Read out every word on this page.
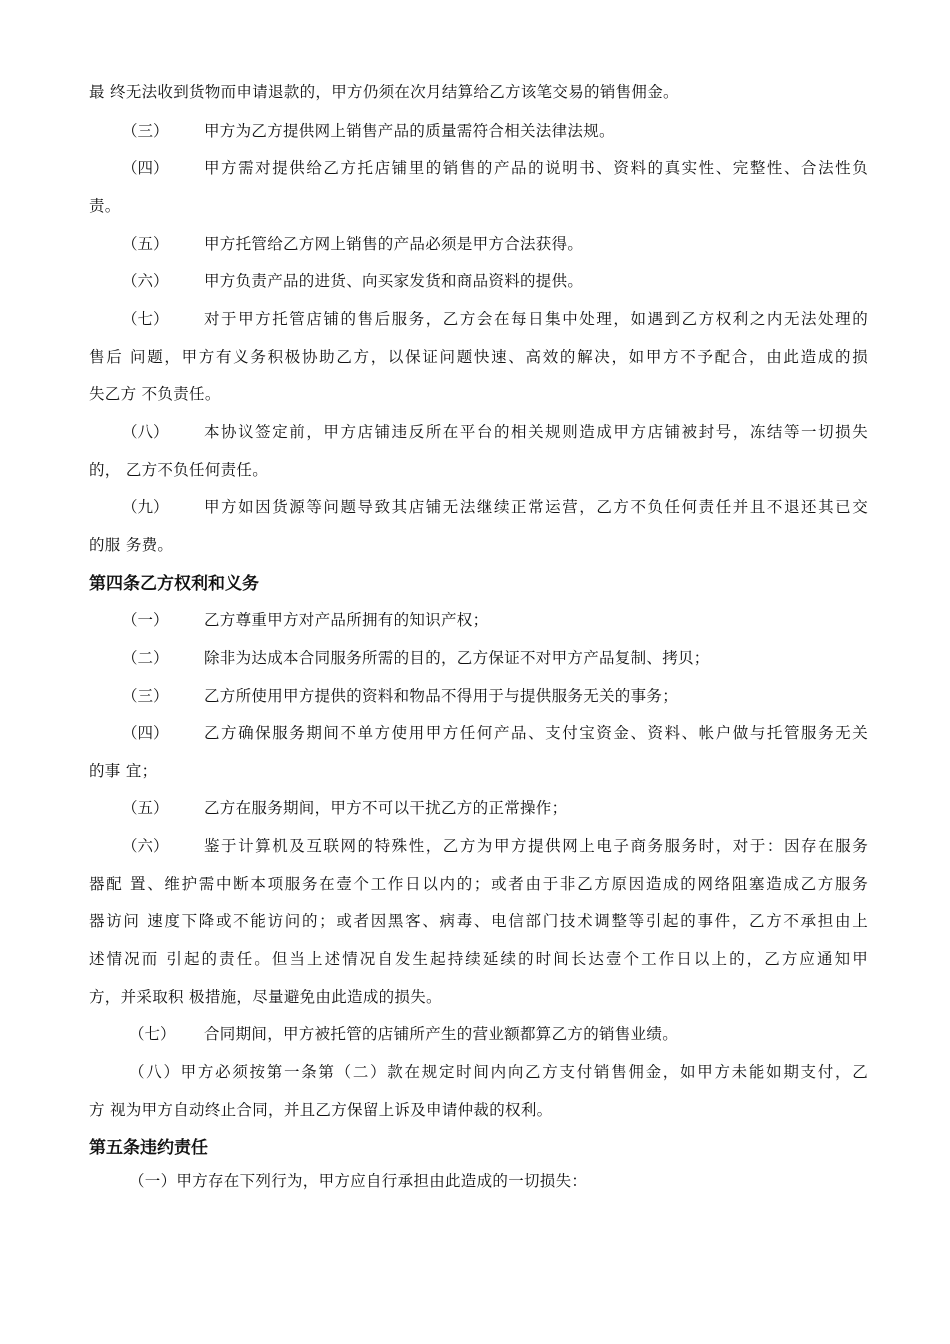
最 终无法收到货物而申请退款的，甲方仍须在次月结算给乙方该笔交易的销售佣金。
（三） 甲方为乙方提供网上销售产品的质量需符合相关法律法规。
（四） 甲方需对提供给乙方托店铺里的销售的产品的说明书、资料的真实性、完整性、合法性负
责。
（五） 甲方托管给乙方网上销售的产品必须是甲方合法获得。
（六） 甲方负责产品的进货、向买家发货和商品资料的提供。
（七） 对于甲方托管店铺的售后服务，乙方会在每日集中处理，如遇到乙方权利之内无法处理的
售后 问题，甲方有义务积极协助乙方，以保证问题快速、高效的解决，如甲方不予配合，由此造成的损
失乙方 不负责任。
（八） 本协议签定前，甲方店铺违反所在平台的相关规则造成甲方店铺被封号，冻结等一切损失
的， 乙方不负任何责任。
（九） 甲方如因货源等问题导致其店铺无法继续正常运营，乙方不负任何责任并且不退还其已交
的服 务费。
第四条乙方权利和义务
（一） 乙方尊重甲方对产品所拥有的知识产权；
（二） 除非为达成本合同服务所需的目的，乙方保证不对甲方产品复制、拷贝；
（三） 乙方所使用甲方提供的资料和物品不得用于与提供服务无关的事务；
（四） 乙方确保服务期间不单方使用甲方任何产品、支付宝资金、资料、帐户做与托管服务无关
的事 宜；
（五） 乙方在服务期间，甲方不可以干扰乙方的正常操作；
（六） 鉴于计算机及互联网的特殊性，乙方为甲方提供网上电子商务服务时，对于：因存在服务
器配 置、维护需中断本项服务在壹个工作日以内的；或者由于非乙方原因造成的网络阻塞造成乙方服务
器访问 速度下降或不能访问的；或者因黑客、病毒、电信部门技术调整等引起的事件，乙方不承担由上
述情况而 引起的责任。但当上述情况自发生起持续延续的时间长达壹个工作日以上的，乙方应通知甲
方，并采取积 极措施，尽量避免由此造成的损失。
（七） 合同期间，甲方被托管的店铺所产生的营业额都算乙方的销售业绩。
（八）甲方必须按第一条第（二）款在规定时间内向乙方支付销售佣金，如甲方未能如期支付，乙
方 视为甲方自动终止合同，并且乙方保留上诉及申请仲裁的权利。
第五条违约责任
（一）甲方存在下列行为，甲方应自行承担由此造成的一切损失：
